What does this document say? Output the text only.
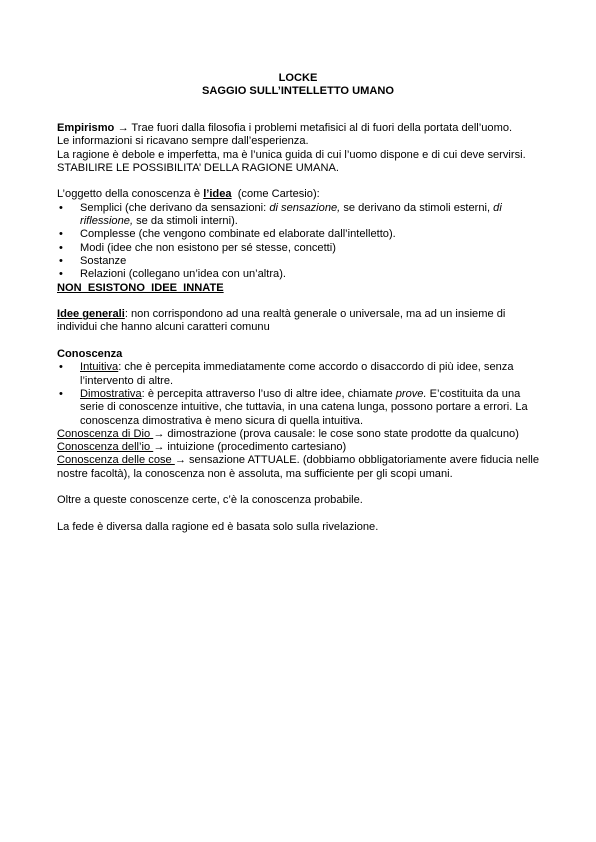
LOCKE
SAGGIO SULL’INTELLETTO UMANO

Empirismo → Trae fuori dalla filosofia i problemi metafisici al di fuori della portata dell’uomo.

Le informazioni si ricavano sempre dall’esperienza.

La ragione è debole e imperfetta, ma è l’unica guida di cui l’uomo dispone e di cui deve servirsi.

STABILIRE LE POSSIBILITA’ DELLA RAGIONE UMANA.

L’oggetto della conoscenza è l’idea  (come Cartesio):

• Semplici (che derivano da sensazioni: di sensazione, se derivano da stimoli esterni, di riflessione, se da stimoli interni).
• Complesse (che vengono combinate ed elaborate dall’intelletto).
• Modi (idee che non esistono per sé stesse, concetti)
• Sostanze
• Relazioni (collegano un’idea con un’altra).

NON  ESISTONO  IDEE  INNATE

Idee generali: non corrispondono ad una realtà generale o universale, ma ad un insieme di individui che hanno alcuni caratteri comunu

Conoscenza

• Intuitiva: che è percepita immediatamente come accordo o disaccordo di più idee, senza l’intervento di altre.
• Dimostrativa: è percepita attraverso l’uso di altre idee, chiamate prove. E’costituita da una serie di conoscenze intuitive, che tuttavia, in una catena lunga, possono portare a errori. La conoscenza dimostrativa è meno sicura di quella intuitiva.

Conoscenza di Dio → dimostrazione (prova causale: le cose sono state prodotte da qualcuno)

Conoscenza dell’io → intuizione (procedimento cartesiano)

Conoscenza delle cose → sensazione ATTUALE. (dobbiamo obbligatoriamente avere fiducia nelle nostre facoltà), la conoscenza non è assoluta, ma sufficiente per gli scopi umani.

Oltre a queste conoscenze certe, c’è la conoscenza probabile.

La fede è diversa dalla ragione ed è basata solo sulla rivelazione.
